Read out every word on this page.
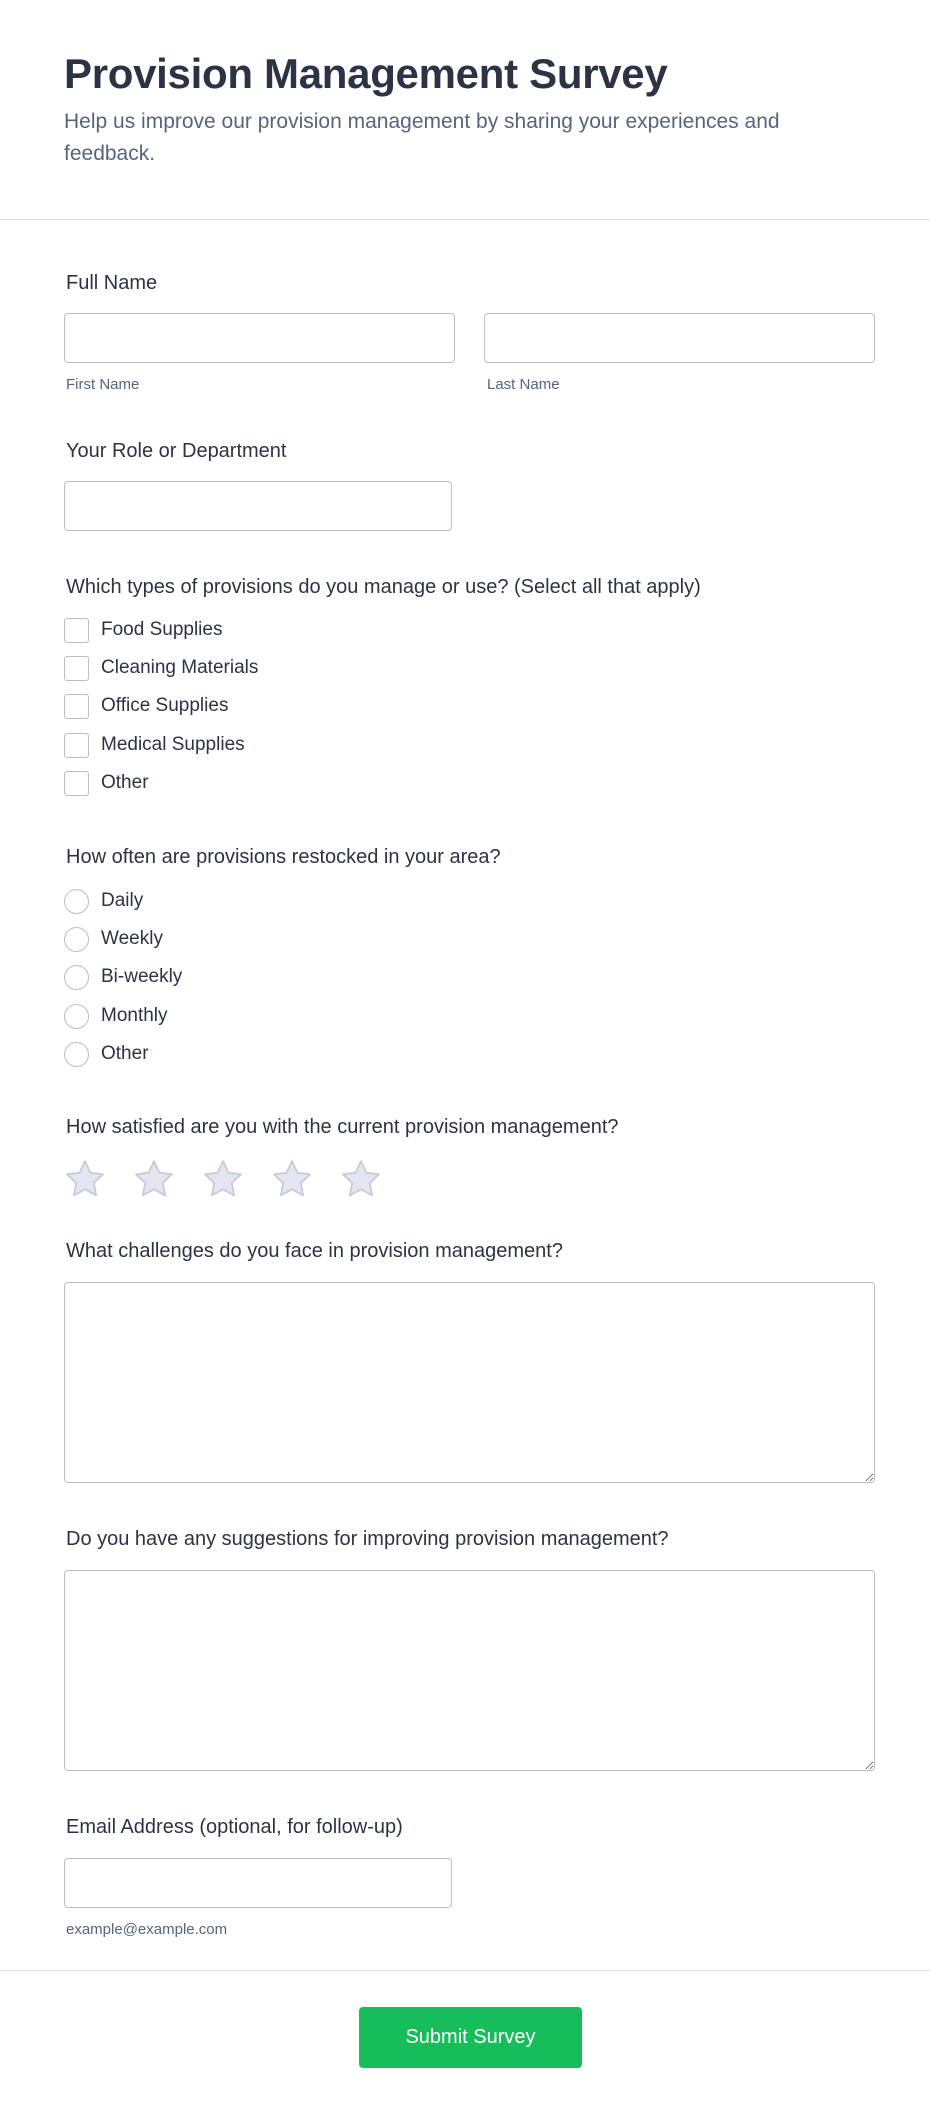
Provision Management Survey

Help us improve our provision management by sharing your experiences and feedback.

Full Name
First Name	Last Name
Your Role or Department
Which types of provisions do you manage or use? (Select all that apply)
Food Supplies
Cleaning Materials
Office Supplies
Medical Supplies
Other
How often are provisions restocked in your area?
Daily
Weekly
Bi-weekly
Monthly
Other
How satisfied are you with the current provision management?
What challenges do you face in provision management?
Do you have any suggestions for improving provision management?
Email Address (optional, for follow-up)
example@example.com
Submit Survey
